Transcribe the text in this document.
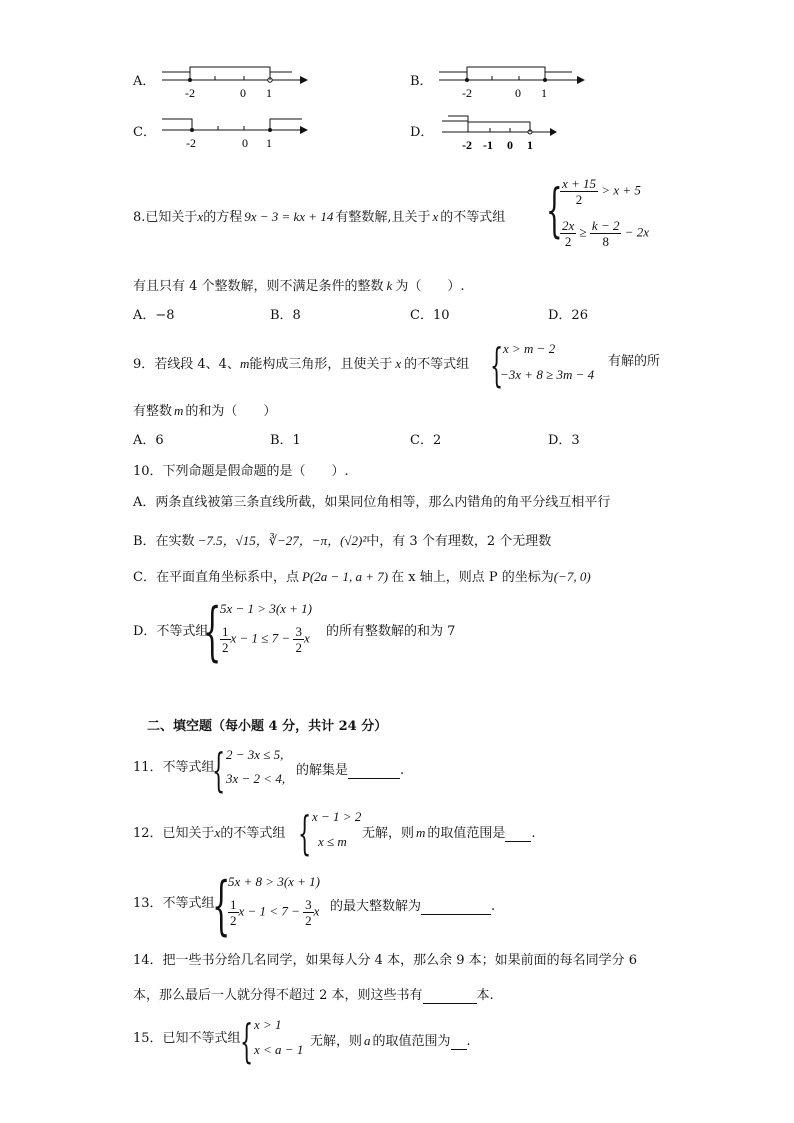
A．
-2	0 1
B．
-2	0 1
C．
-2	0 1
D．
-2 -1 0 1
8.已知关于x的方程 9x − 3 = kx + 14 有整数解,且关于 x 的不等式组 {
$\frac{x + 15}{2} > x + 5$
$\frac{2x}{2} \ge \frac{k - 2}{8} - 2x$
有且只有 4 个整数解，则不满足条件的整数 k 为（　　）.
A．−8	B．8	C．10	D．26
9．若线段 4、4、m能构成三角形，且使关于 x 的不等式组 { x > m − 2
−3x + 8 ≥ 3m − 4
有解的所
有整数 m 的和为（　　）
A．6	B．1	C．2	D．3
10．下列命题是假命题的是（　　）.
A．两条直线被第三条直线所截，如果同位角相等，那么内错角的角平分线互相平行
B．在实数 −7.5，√15，∛−27，−π，(√2)²中，有 3 个有理数，2 个无理数
C．在平面直角坐标系中，点 P(2a − 1, a + 7) 在 x 轴上，则点 P 的坐标为(−7, 0)
D．不等式组
{
5x − 1 > 3(x + 1)
$\frac{1}{2}$ $x - 1 \le 7 - \frac{3}{2}$ x 的所有整数解的和为 7
二、填空题（每小题 4 分，共计 24 分）
11．不等式组
{ 2 − 3x ≤ 5,
3x − 2 < 4,
的解集是	.
12．已知关于x的不等式组 { x − 1 > 2
x ≤ m
无解，则 m 的取值范围是 .
13．不等式组
{
5x + 8 > 3(x + 1)
$\frac{1}{2}$ $x - 1 < 7 - \frac{3}{2}$ x 的最大整数解为	.
14．把一些书分给几名同学，如果每人分 4 本，那么余 9 本；如果前面的每名同学分 6
本，那么最后一人就分得不超过 2 本，则这些书有	本.
15．已知不等式组 { x > 1
x < a − 1
无解，则 a 的取值范围为 .
